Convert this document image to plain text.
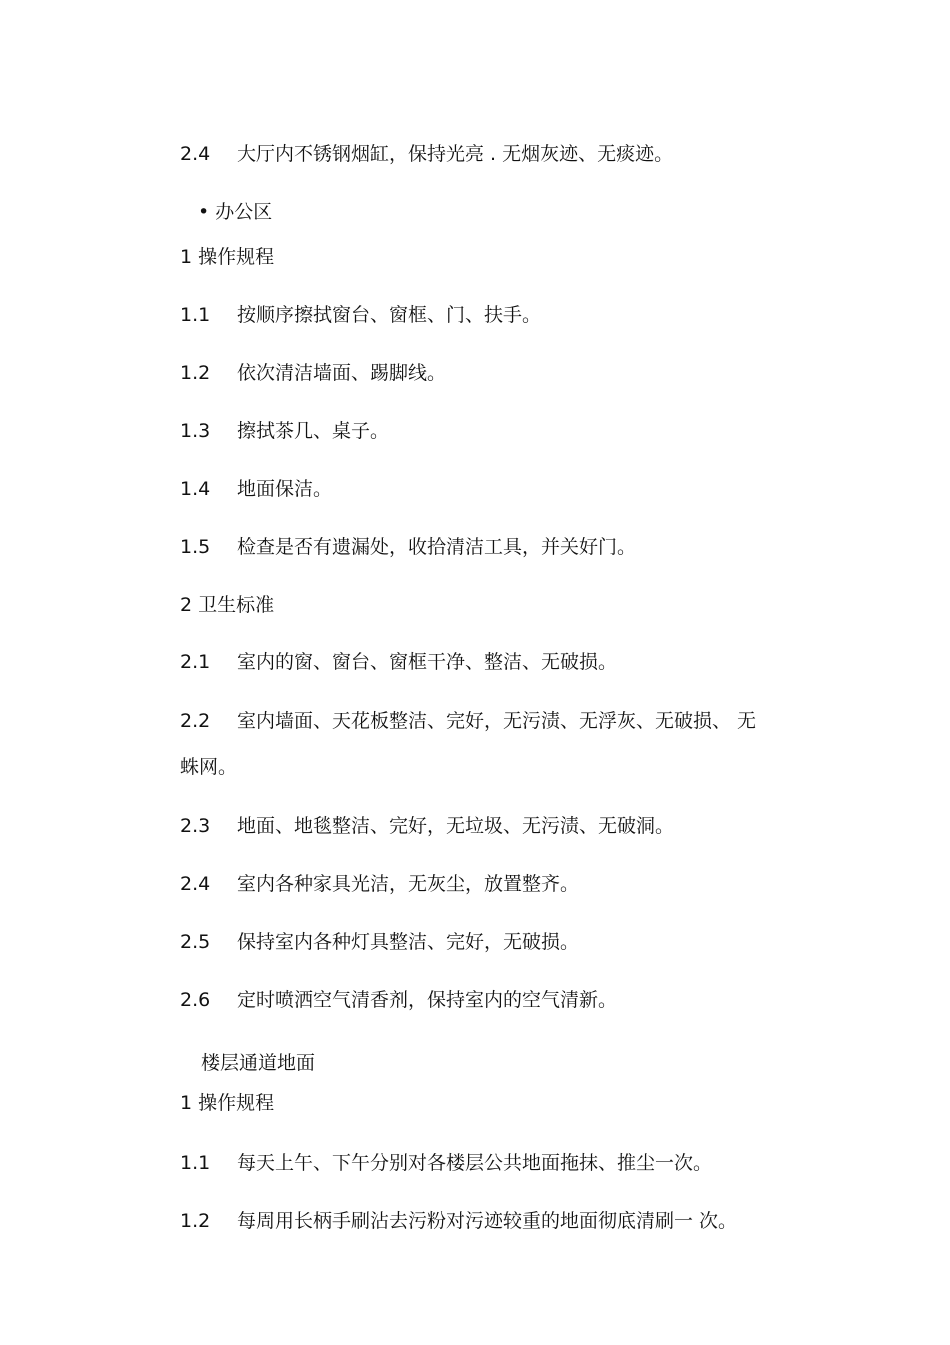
2.4 大厅内不锈钢烟缸，保持光亮 . 无烟灰迹、无痰迹。
• 办公区
1 操作规程
1.1 按顺序擦拭窗台、窗框、门、扶手。
1.2 依次清洁墙面、踢脚线。
1.3 擦拭茶几、桌子。
1.4 地面保洁。
1.5 检查是否有遗漏处，收拾清洁工具，并关好门。
2 卫生标准
2.1 室内的窗、窗台、窗框干净、整洁、无破损。
2.2 室内墙面、天花板整洁、完好，无污渍、无浮灰、无破损、 无
蛛网。
2.3 地面、地毯整洁、完好，无垃圾、无污渍、无破洞。
2.4 室内各种家具光洁，无灰尘，放置整齐。
2.5 保持室内各种灯具整洁、完好，无破损。
2.6 定时喷洒空气清香剂，保持室内的空气清新。
楼层通道地面
1 操作规程
1.1 每天上午、下午分别对各楼层公共地面拖抹、推尘一次。
1.2 每周用长柄手刷沾去污粉对污迹较重的地面彻底清刷一 次。
